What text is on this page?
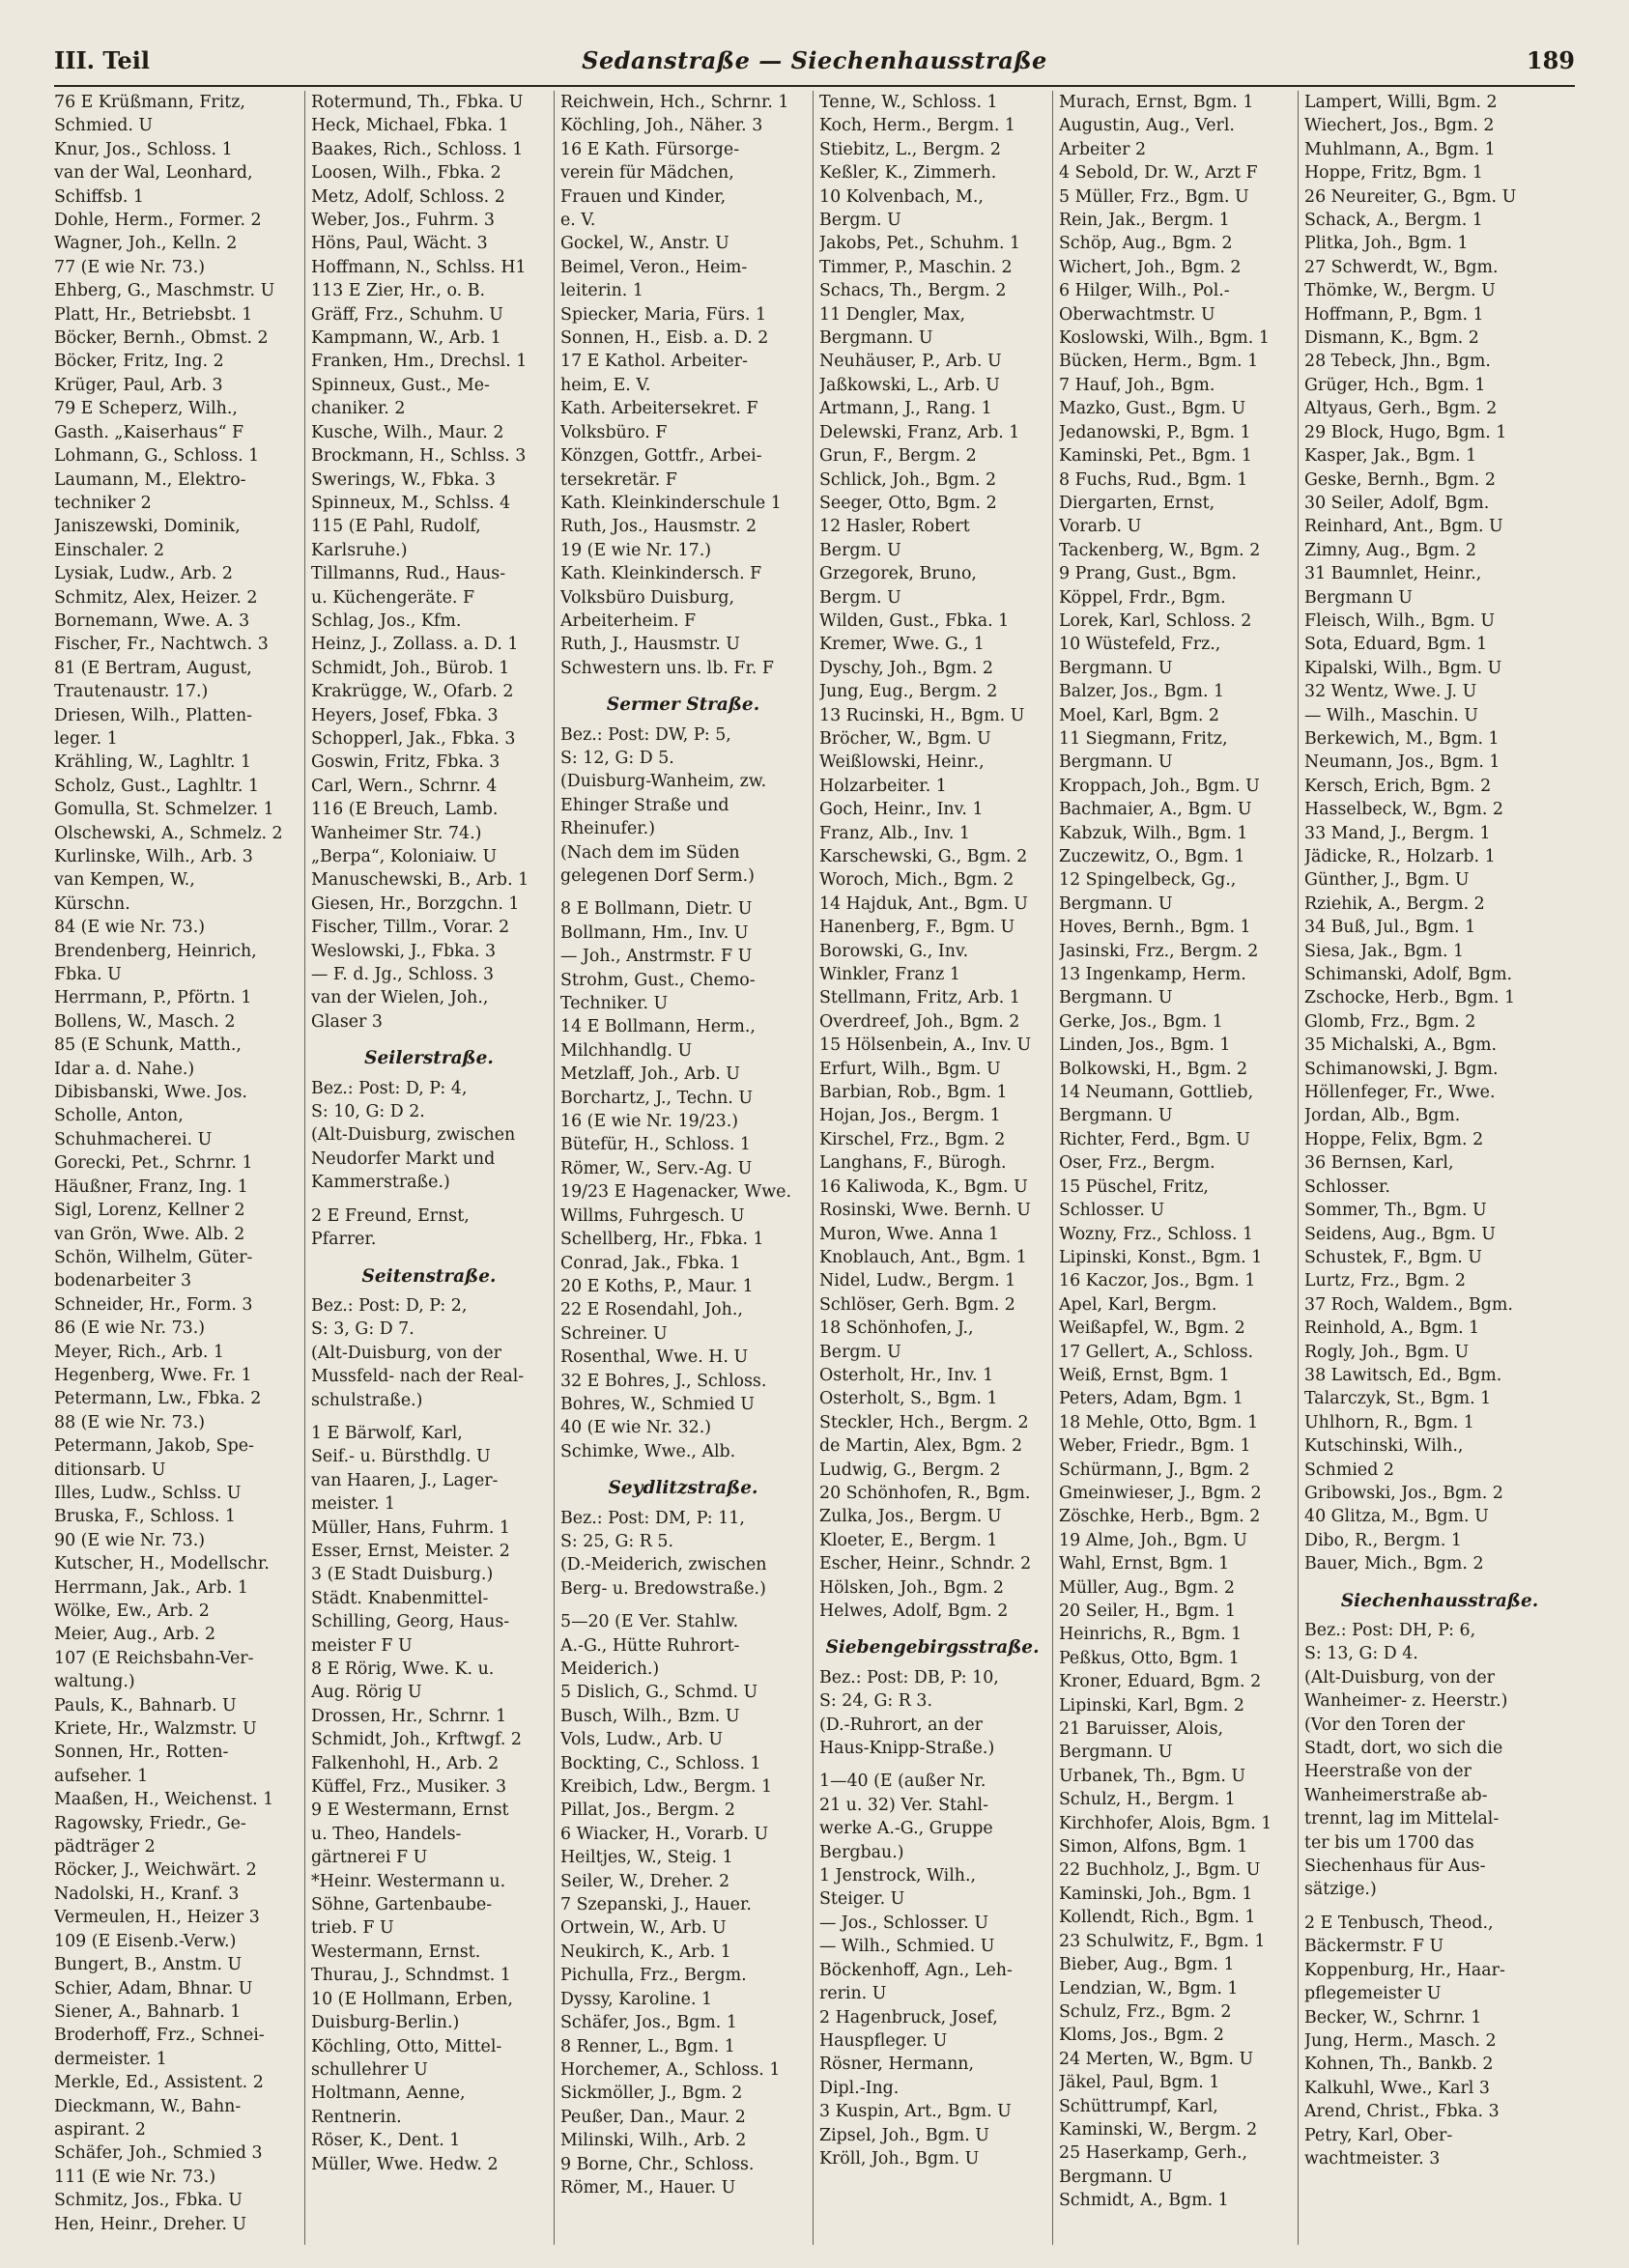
III. Teil	Sedanstraße — Siechenhausstraße	189
76 E Krüßmann, Fritz,
Schmied. U
Knur, Jos., Schloss. 1
van der Wal, Leonhard,
Schiffsb. 1
Dohle, Herm., Former. 2
Wagner, Joh., Kelln. 2
77 (E wie Nr. 73.)
Ehberg, G., Maschmstr. U
Platt, Hr., Betriebsbt. 1
Böcker, Bernh., Obmst. 2
Böcker, Fritz, Ing. 2
Krüger, Paul, Arb. 3
79 E Scheperz, Wilh.,
Gasth. „Kaiserhaus“ F
Lohmann, G., Schloss. 1
Laumann, M., Elektro-
techniker 2
Janiszewski, Dominik,
Einschaler. 2
Lysiak, Ludw., Arb. 2
Schmitz, Alex, Heizer. 2
Bornemann, Wwe. A. 3
Fischer, Fr., Nachtwch. 3
81 (E Bertram, August,
Trautenaustr. 17.)
Driesen, Wilh., Platten-
leger. 1
Krähling, W., Laghltr. 1
Scholz, Gust., Laghltr. 1
Gomulla, St. Schmelzer. 1
Olschewski, A., Schmelz. 2
Kurlinske, Wilh., Arb. 3
van Kempen, W.,
Kürschn.
84 (E wie Nr. 73.)
Brendenberg, Heinrich,
Fbka. U
Herrmann, P., Pförtn. 1
Bollens, W., Masch. 2
85 (E Schunk, Matth.,
Idar a. d. Nahe.)
Dibisbanski, Wwe. Jos.
Scholle, Anton,
Schuhmacherei. U
Gorecki, Pet., Schrnr. 1
Häußner, Franz, Ing. 1
Sigl, Lorenz, Kellner 2
van Grön, Wwe. Alb. 2
Schön, Wilhelm, Güter-
bodenarbeiter 3
Schneider, Hr., Form. 3
86 (E wie Nr. 73.)
Meyer, Rich., Arb. 1
Hegenberg, Wwe. Fr. 1
Petermann, Lw., Fbka. 2
88 (E wie Nr. 73.)
Petermann, Jakob, Spe-
ditionsarb. U
Illes, Ludw., Schlss. U
Bruska, F., Schloss. 1
90 (E wie Nr. 73.)
Kutscher, H., Modellschr.
Herrmann, Jak., Arb. 1
Wölke, Ew., Arb. 2
Meier, Aug., Arb. 2
107 (E Reichsbahn-Ver-
waltung.)
Pauls, K., Bahnarb. U
Kriete, Hr., Walzmstr. U
Sonnen, Hr., Rotten-
aufseher. 1
Maaßen, H., Weichenst. 1
Ragowsky, Friedr., Ge-
pädträger 2
Röcker, J., Weichwärt. 2
Nadolski, H., Kranf. 3
Vermeulen, H., Heizer 3
109 (E Eisenb.-Verw.)
Bungert, B., Anstm. U
Schier, Adam, Bhnar. U
Siener, A., Bahnarb. 1
Broderhoff, Frz., Schnei-
dermeister. 1
Merkle, Ed., Assistent. 2
Dieckmann, W., Bahn-
aspirant. 2
Schäfer, Joh., Schmied 3
111 (E wie Nr. 73.)
Schmitz, Jos., Fbka. U
Hen, Heinr., Dreher. U
Rotermund, Th., Fbka. U
Heck, Michael, Fbka. 1
Baakes, Rich., Schloss. 1
Loosen, Wilh., Fbka. 2
Metz, Adolf, Schloss. 2
Weber, Jos., Fuhrm. 3
Höns, Paul, Wächt. 3
Hoffmann, N., Schlss. H1
113 E Zier, Hr., o. B.
Gräff, Frz., Schuhm. U
Kampmann, W., Arb. 1
Franken, Hm., Drechsl. 1
Spinneux, Gust., Me-
chaniker. 2
Kusche, Wilh., Maur. 2
Brockmann, H., Schlss. 3
Swerings, W., Fbka. 3
Spinneux, M., Schlss. 4
115 (E Pahl, Rudolf,
Karlsruhe.)
Tillmanns, Rud., Haus-
u. Küchengeräte. F
Schlag, Jos., Kfm.
Heinz, J., Zollass. a. D. 1
Schmidt, Joh., Bürob. 1
Krakrügge, W., Ofarb. 2
Heyers, Josef, Fbka. 3
Schopperl, Jak., Fbka. 3
Goswin, Fritz, Fbka. 3
Carl, Wern., Schrnr. 4
116 (E Breuch, Lamb.
Wanheimer Str. 74.)
„Berpa“, Koloniaiw. U
Manuschewski, B., Arb. 1
Giesen, Hr., Borzgchn. 1
Fischer, Tillm., Vorar. 2
Weslowski, J., Fbka. 3
— F. d. Jg., Schloss. 3
van der Wielen, Joh.,
Glaser 3
Seilerstraße.
Bez.: Post: D, P: 4,
S: 10, G: D 2.
(Alt-Duisburg, zwischen
Neudorfer Markt und
Kammerstraße.)
2 E Freund, Ernst,
Pfarrer.
Seitenstraße.
Bez.: Post: D, P: 2,
S: 3, G: D 7.
(Alt-Duisburg, von der
Mussfeld- nach der Real-
schulstraße.)
1 E Bärwolf, Karl,
Seif.- u. Bürsthdlg. U
van Haaren, J., Lager-
meister. 1
Müller, Hans, Fuhrm. 1
Esser, Ernst, Meister. 2
3 (E Stadt Duisburg.)
Städt. Knabenmittel-
Schilling, Georg, Haus-
meister F U
8 E Rörig, Wwe. K. u.
Aug. Rörig U
Drossen, Hr., Schrnr. 1
Schmidt, Joh., Krftwgf. 2
Falkenhohl, H., Arb. 2
Küffel, Frz., Musiker. 3
9 E Westermann, Ernst
u. Theo, Handels-
gärtnerei F U
*Heinr. Westermann u.
Söhne, Gartenbaube-
trieb. F U
Westermann, Ernst.
Thurau, J., Schndmst. 1
10 (E Hollmann, Erben,
Duisburg-Berlin.)
Köchling, Otto, Mittel-
schullehrer U
Holtmann, Aenne,
Rentnerin.
Röser, K., Dent. 1
Müller, Wwe. Hedw. 2
Reichwein, Hch., Schrnr. 1
Köchling, Joh., Näher. 3
16 E Kath. Fürsorge-
verein für Mädchen,
Frauen und Kinder,
e. V.
Gockel, W., Anstr. U
Beimel, Veron., Heim-
leiterin. 1
Spiecker, Maria, Fürs. 1
Sonnen, H., Eisb. a. D. 2
17 E Kathol. Arbeiter-
heim, E. V.
Kath. Arbeitersekret. F
Volksbüro. F
Könzgen, Gottfr., Arbei-
tersekretär. F
Kath. Kleinkinderschule 1
Ruth, Jos., Hausmstr. 2
19 (E wie Nr. 17.)
Kath. Kleinkindersch. F
Volksbüro Duisburg,
Arbeiterheim. F
Ruth, J., Hausmstr. U
Schwestern uns. lb. Fr. F
Sermer Straße.
Bez.: Post: DW, P: 5,
S: 12, G: D 5.
(Duisburg-Wanheim, zw.
Ehinger Straße und
Rheinufer.)
(Nach dem im Süden
gelegenen Dorf Serm.)
8 E Bollmann, Dietr. U
Bollmann, Hm., Inv. U
— Joh., Anstrmstr. F U
Strohm, Gust., Chemo-
Techniker. U
14 E Bollmann, Herm.,
Milchhandlg. U
Metzlaff, Joh., Arb. U
Borchartz, J., Techn. U
16 (E wie Nr. 19/23.)
Bütefür, H., Schloss. 1
Römer, W., Serv.-Ag. U
19/23 E Hagenacker, Wwe.
Willms, Fuhrgesch. U
Schellberg, Hr., Fbka. 1
Conrad, Jak., Fbka. 1
20 E Koths, P., Maur. 1
22 E Rosendahl, Joh.,
Schreiner. U
Rosenthal, Wwe. H. U
32 E Bohres, J., Schloss.
Bohres, W., Schmied U
40 (E wie Nr. 32.)
Schimke, Wwe., Alb.
Seydlitzstraße.
Bez.: Post: DM, P: 11,
S: 25, G: R 5.
(D.-Meiderich, zwischen
Berg- u. Bredowstraße.)
5—20 (E Ver. Stahlw.
A.-G., Hütte Ruhrort-
Meiderich.)
5 Dislich, G., Schmd. U
Busch, Wilh., Bzm. U
Vols, Ludw., Arb. U
Bockting, C., Schloss. 1
Kreibich, Ldw., Bergm. 1
Pillat, Jos., Bergm. 2
6 Wiacker, H., Vorarb. U
Heiltjes, W., Steig. 1
Seiler, W., Dreher. 2
7 Szepanski, J., Hauer.
Ortwein, W., Arb. U
Neukirch, K., Arb. 1
Pichulla, Frz., Bergm.
Dyssy, Karoline. 1
Schäfer, Jos., Bgm. 1
8 Renner, L., Bgm. 1
Horchemer, A., Schloss. 1
Sickmöller, J., Bgm. 2
Peußer, Dan., Maur. 2
Milinski, Wilh., Arb. 2
9 Borne, Chr., Schloss.
Römer, M., Hauer. U
Tenne, W., Schloss. 1
Koch, Herm., Bergm. 1
Stiebitz, L., Bergm. 2
Keßler, K., Zimmerh.
10 Kolvenbach, M.,
Bergm. U
Jakobs, Pet., Schuhm. 1
Timmer, P., Maschin. 2
Schacs, Th., Bergm. 2
11 Dengler, Max,
Bergmann. U
Neuhäuser, P., Arb. U
Jaßkowski, L., Arb. U
Artmann, J., Rang. 1
Delewski, Franz, Arb. 1
Grun, F., Bergm. 2
Schlick, Joh., Bgm. 2
Seeger, Otto, Bgm. 2
12 Hasler, Robert
Bergm. U
Grzegorek, Bruno,
Bergm. U
Wilden, Gust., Fbka. 1
Kremer, Wwe. G., 1
Dyschy, Joh., Bgm. 2
Jung, Eug., Bergm. 2
13 Rucinski, H., Bgm. U
Bröcher, W., Bgm. U
Weißlowski, Heinr.,
Holzarbeiter. 1
Goch, Heinr., Inv. 1
Franz, Alb., Inv. 1
Karschewski, G., Bgm. 2
Woroch, Mich., Bgm. 2
14 Hajduk, Ant., Bgm. U
Hanenberg, F., Bgm. U
Borowski, G., Inv.
Winkler, Franz 1
Stellmann, Fritz, Arb. 1
Overdreef, Joh., Bgm. 2
15 Hölsenbein, A., Inv. U
Erfurt, Wilh., Bgm. U
Barbian, Rob., Bgm. 1
Hojan, Jos., Bergm. 1
Kirschel, Frz., Bgm. 2
Langhans, F., Bürogh.
16 Kaliwoda, K., Bgm. U
Rosinski, Wwe. Bernh. U
Muron, Wwe. Anna 1
Knoblauch, Ant., Bgm. 1
Nidel, Ludw., Bergm. 1
Schlöser, Gerh. Bgm. 2
18 Schönhofen, J.,
Bergm. U
Osterholt, Hr., Inv. 1
Osterholt, S., Bgm. 1
Steckler, Hch., Bergm. 2
de Martin, Alex, Bgm. 2
Ludwig, G., Bergm. 2
20 Schönhofen, R., Bgm.
Zulka, Jos., Bergm. U
Kloeter, E., Bergm. 1
Escher, Heinr., Schndr. 2
Hölsken, Joh., Bgm. 2
Helwes, Adolf, Bgm. 2
Siebengebirgsstraße.
Bez.: Post: DB, P: 10,
S: 24, G: R 3.
(D.-Ruhrort, an der
Haus-Knipp-Straße.)
1—40 (E (außer Nr.
21 u. 32) Ver. Stahl-
werke A.-G., Gruppe
Bergbau.)
1 Jenstrock, Wilh.,
Steiger. U
— Jos., Schlosser. U
— Wilh., Schmied. U
Böckenhoff, Agn., Leh-
rerin. U
2 Hagenbruck, Josef,
Hauspfleger. U
Rösner, Hermann,
Dipl.-Ing.
3 Kuspin, Art., Bgm. U
Zipsel, Joh., Bgm. U
Kröll, Joh., Bgm. U
Murach, Ernst, Bgm. 1
Augustin, Aug., Verl.
Arbeiter 2
4 Sebold, Dr. W., Arzt F
5 Müller, Frz., Bgm. U
Rein, Jak., Bergm. 1
Schöp, Aug., Bgm. 2
Wichert, Joh., Bgm. 2
6 Hilger, Wilh., Pol.-
Oberwachtmstr. U
Koslowski, Wilh., Bgm. 1
Bücken, Herm., Bgm. 1
7 Hauf, Joh., Bgm.
Mazko, Gust., Bgm. U
Jedanowski, P., Bgm. 1
Kaminski, Pet., Bgm. 1
8 Fuchs, Rud., Bgm. 1
Diergarten, Ernst,
Vorarb. U
Tackenberg, W., Bgm. 2
9 Prang, Gust., Bgm.
Köppel, Frdr., Bgm.
Lorek, Karl, Schloss. 2
10 Wüstefeld, Frz.,
Bergmann. U
Balzer, Jos., Bgm. 1
Moel, Karl, Bgm. 2
11 Siegmann, Fritz,
Bergmann. U
Kroppach, Joh., Bgm. U
Bachmaier, A., Bgm. U
Kabzuk, Wilh., Bgm. 1
Zuczewitz, O., Bgm. 1
12 Spingelbeck, Gg.,
Bergmann. U
Hoves, Bernh., Bgm. 1
Jasinski, Frz., Bergm. 2
13 Ingenkamp, Herm.
Bergmann. U
Gerke, Jos., Bgm. 1
Linden, Jos., Bgm. 1
Bolkowski, H., Bgm. 2
14 Neumann, Gottlieb,
Bergmann. U
Richter, Ferd., Bgm. U
Oser, Frz., Bergm.
15 Püschel, Fritz,
Schlosser. U
Wozny, Frz., Schloss. 1
Lipinski, Konst., Bgm. 1
16 Kaczor, Jos., Bgm. 1
Apel, Karl, Bergm.
Weißapfel, W., Bgm. 2
17 Gellert, A., Schloss.
Weiß, Ernst, Bgm. 1
Peters, Adam, Bgm. 1
18 Mehle, Otto, Bgm. 1
Weber, Friedr., Bgm. 1
Schürmann, J., Bgm. 2
Gmeinwieser, J., Bgm. 2
Zöschke, Herb., Bgm. 2
19 Alme, Joh., Bgm. U
Wahl, Ernst, Bgm. 1
Müller, Aug., Bgm. 2
20 Seiler, H., Bgm. 1
Heinrichs, R., Bgm. 1
Peßkus, Otto, Bgm. 1
Kroner, Eduard, Bgm. 2
Lipinski, Karl, Bgm. 2
21 Baruisser, Alois,
Bergmann. U
Urbanek, Th., Bgm. U
Schulz, H., Bergm. 1
Kirchhofer, Alois, Bgm. 1
Simon, Alfons, Bgm. 1
22 Buchholz, J., Bgm. U
Kaminski, Joh., Bgm. 1
Kollendt, Rich., Bgm. 1
23 Schulwitz, F., Bgm. 1
Bieber, Aug., Bgm. 1
Lendzian, W., Bgm. 1
Schulz, Frz., Bgm. 2
Kloms, Jos., Bgm. 2
24 Merten, W., Bgm. U
Jäkel, Paul, Bgm. 1
Schüttrumpf, Karl,
Kaminski, W., Bergm. 2
25 Haserkamp, Gerh.,
Bergmann. U
Schmidt, A., Bgm. 1
Lampert, Willi, Bgm. 2
Wiechert, Jos., Bgm. 2
Muhlmann, A., Bgm. 1
Hoppe, Fritz, Bgm. 1
26 Neureiter, G., Bgm. U
Schack, A., Bergm. 1
Plitka, Joh., Bgm. 1
27 Schwerdt, W., Bgm.
Thömke, W., Bergm. U
Hoffmann, P., Bgm. 1
Dismann, K., Bgm. 2
28 Tebeck, Jhn., Bgm.
Grüger, Hch., Bgm. 1
Altyaus, Gerh., Bgm. 2
29 Block, Hugo, Bgm. 1
Kasper, Jak., Bgm. 1
Geske, Bernh., Bgm. 2
30 Seiler, Adolf, Bgm.
Reinhard, Ant., Bgm. U
Zimny, Aug., Bgm. 2
31 Baumnlet, Heinr.,
Bergmann U
Fleisch, Wilh., Bgm. U
Sota, Eduard, Bgm. 1
Kipalski, Wilh., Bgm. U
32 Wentz, Wwe. J. U
— Wilh., Maschin. U
Berkewich, M., Bgm. 1
Neumann, Jos., Bgm. 1
Kersch, Erich, Bgm. 2
Hasselbeck, W., Bgm. 2
33 Mand, J., Bergm. 1
Jädicke, R., Holzarb. 1
Günther, J., Bgm. U
Rziehik, A., Bergm. 2
34 Buß, Jul., Bgm. 1
Siesa, Jak., Bgm. 1
Schimanski, Adolf, Bgm.
Zschocke, Herb., Bgm. 1
Glomb, Frz., Bgm. 2
35 Michalski, A., Bgm.
Schimanowski, J. Bgm.
Höllenfeger, Fr., Wwe.
Jordan, Alb., Bgm.
Hoppe, Felix, Bgm. 2
36 Bernsen, Karl,
Schlosser.
Sommer, Th., Bgm. U
Seidens, Aug., Bgm. U
Schustek, F., Bgm. U
Lurtz, Frz., Bgm. 2
37 Roch, Waldem., Bgm.
Reinhold, A., Bgm. 1
Rogly, Joh., Bgm. U
38 Lawitsch, Ed., Bgm.
Talarczyk, St., Bgm. 1
Uhlhorn, R., Bgm. 1
Kutschinski, Wilh.,
Schmied 2
Gribowski, Jos., Bgm. 2
40 Glitza, M., Bgm. U
Dibo, R., Bergm. 1
Bauer, Mich., Bgm. 2
Siechenhausstraße.
Bez.: Post: DH, P: 6,
S: 13, G: D 4.
(Alt-Duisburg, von der
Wanheimer- z. Heerstr.)
(Vor den Toren der
Stadt, dort, wo sich die
Heerstraße von der
Wanheimerstraße ab-
trennt, lag im Mittelal-
ter bis um 1700 das
Siechenhaus für Aus-
sätzige.)
2 E Tenbusch, Theod.,
Bäckermstr. F U
Koppenburg, Hr., Haar-
pflegemeister U
Becker, W., Schrnr. 1
Jung, Herm., Masch. 2
Kohnen, Th., Bankb. 2
Kalkuhl, Wwe., Karl 3
Arend, Christ., Fbka. 3
Petry, Karl, Ober-
wachtmeister. 3
